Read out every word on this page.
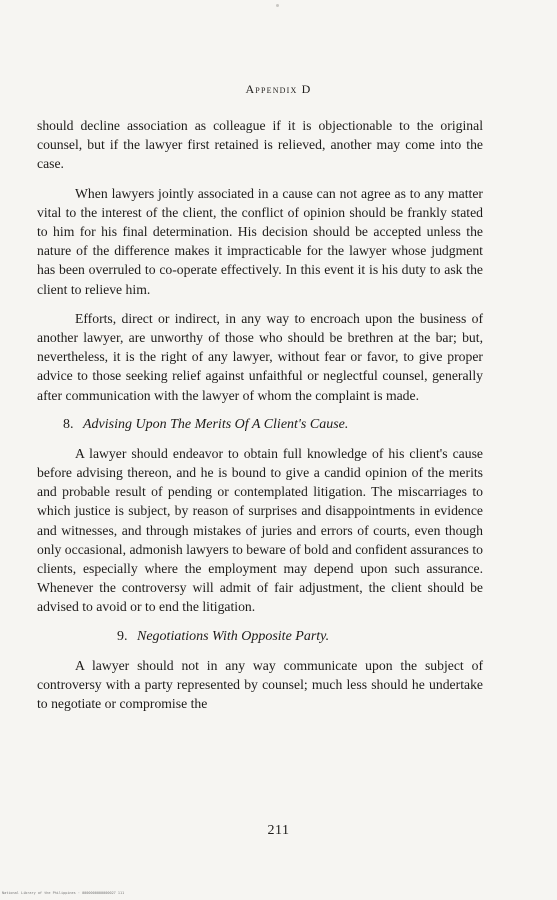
Appendix D

should decline association as colleague if it is objectionable to the original counsel, but if the lawyer first retained is relieved, another may come into the case.

When lawyers jointly associated in a cause can not agree as to any matter vital to the interest of the client, the conflict of opinion should be frankly stated to him for his final determination. His decision should be accepted unless the nature of the difference makes it impracticable for the lawyer whose judgment has been overruled to co-operate effectively. In this event it is his duty to ask the client to relieve him.

Efforts, direct or indirect, in any way to encroach upon the business of another lawyer, are unworthy of those who should be brethren at the bar; but, nevertheless, it is the right of any lawyer, without fear or favor, to give proper advice to those seeking relief against unfaithful or neglectful counsel, generally after communication with the lawyer of whom the complaint is made.

8. Advising Upon The Merits Of A Client's Cause.

A lawyer should endeavor to obtain full knowledge of his client's cause before advising thereon, and he is bound to give a candid opinion of the merits and probable result of pending or contemplated litigation. The miscarriages to which justice is subject, by reason of surprises and disappointments in evidence and witnesses, and through mistakes of juries and errors of courts, even though only occasional, admonish lawyers to beware of bold and confident assurances to clients, especially where the employment may depend upon such assurance. Whenever the controversy will admit of fair adjustment, the client should be advised to avoid or to end the litigation.

9. Negotiations With Opposite Party.

A lawyer should not in any way communicate upon the subject of controversy with a party represented by counsel; much less should he undertake to negotiate or compromise the

211
National Library of the Philippines · 0000000000000027 111
